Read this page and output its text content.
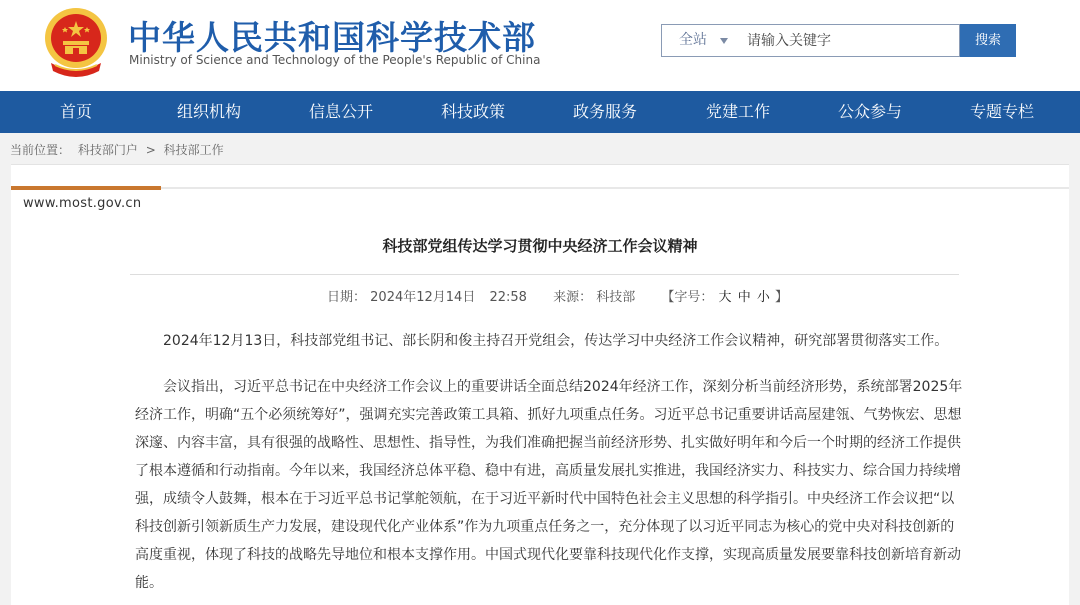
中华人民共和国科学技术部
Ministry of Science and Technology of the People's Republic of China
全站
请输入关键字	搜索
首页	组织机构	信息公开	科技政策	政务服务	党建工作	公众参与	专题专栏
当前位置： 科技部门户 > 科技部工作
www.most.gov.cn
科技部党组传达学习贯彻中央经济工作会议精神
日期： 2024年12月14日 22:58 来源： 科技部 【字号： 大 中 小 】

2024年12月13日，科技部党组书记、部长阴和俊主持召开党组会，传达学习中央经济工作会议精神，研究部署贯彻落实工作。

会议指出，习近平总书记在中央经济工作会议上的重要讲话全面总结2024年经济工作，深刻分析当前经济形势，系统部署2025年经济工作，明确“五个必须统筹好”，强调充实完善政策工具箱、抓好九项重点任务。习近平总书记重要讲话高屋建瓴、气势恢宏、思想深邃、内容丰富，具有很强的战略性、思想性、指导性，为我们准确把握当前经济形势、扎实做好明年和今后一个时期的经济工作提供了根本遵循和行动指南。今年以来，我国经济总体平稳、稳中有进，高质量发展扎实推进，我国经济实力、科技实力、综合国力持续增强，成绩令人鼓舞，根本在于习近平总书记掌舵领航，在于习近平新时代中国特色社会主义思想的科学指引。中央经济工作会议把“以科技创新引领新质生产力发展，建设现代化产业体系”作为九项重点任务之一，充分体现了以习近平同志为核心的党中央对科技创新的高度重视，体现了科技的战略先导地位和根本支撑作用。中国式现代化要靠科技现代化作支撑，实现高质量发展要靠科技创新培育新动能。
